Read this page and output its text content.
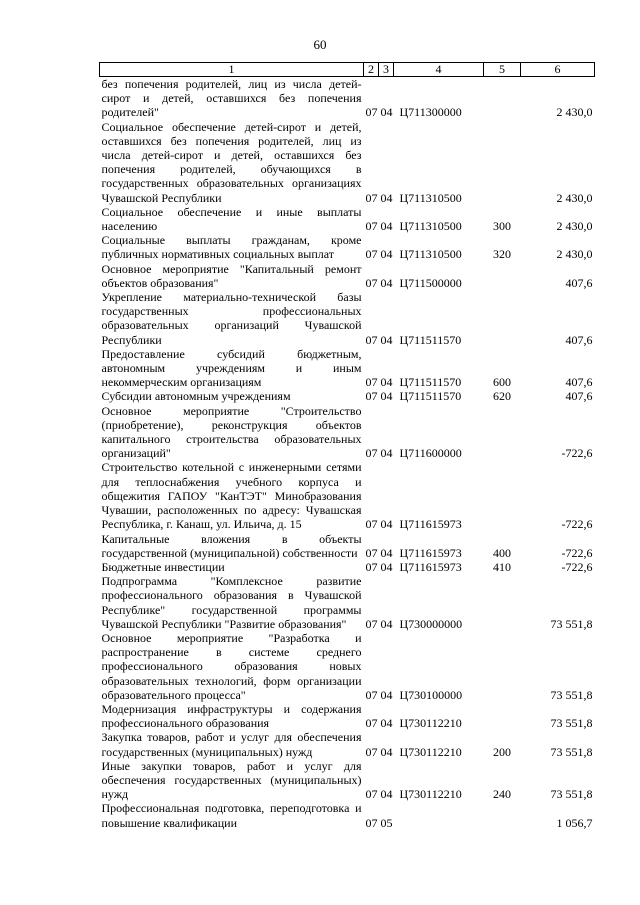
60
1	2	3	4	5	6
без попечения родителей, лиц из числа детей-сирот и детей, оставшихся без попечения родителей"	07	04	Ц711300000		2 430,0
Социальное обеспечение детей-сирот и детей, оставшихся без попечения родителей, лиц из числа детей-сирот и детей, оставшихся без попечения родителей, обучающихся в государственных образовательных организациях Чувашской Республики	07	04	Ц711310500		2 430,0
Социальное обеспечение и иные выплаты населению	07	04	Ц711310500	300	2 430,0
Социальные выплаты гражданам, кроме публичных нормативных социальных выплат	07	04	Ц711310500	320	2 430,0
Основное мероприятие "Капитальный ремонт объектов образования"	07	04	Ц711500000		407,6
Укрепление материально-технической базы государственных профессиональных образовательных организаций Чувашской Республики	07	04	Ц711511570		407,6
Предоставление субсидий бюджетным, автономным учреждениям и иным некоммерческим организациям	07	04	Ц711511570	600	407,6
Субсидии автономным учреждениям	07	04	Ц711511570	620	407,6
Основное мероприятие "Строительство (приобретение), реконструкция объектов капитального строительства образовательных организаций"	07	04	Ц711600000		-722,6
Строительство котельной с инженерными сетями для теплоснабжения учебного корпуса и общежития ГАПОУ "КанТЭТ" Минобразования Чувашии, расположенных по адресу: Чувашская Республика, г. Канаш, ул. Ильича, д. 15	07	04	Ц711615973		-722,6
Капитальные вложения в объекты государственной (муниципальной) собственности	07	04	Ц711615973	400	-722,6
Бюджетные инвестиции	07	04	Ц711615973	410	-722,6
Подпрограмма "Комплексное развитие профессионального образования в Чувашской Республике" государственной программы Чувашской Республики "Развитие образования"	07	04	Ц730000000		73 551,8
Основное мероприятие "Разработка и распространение в системе среднего профессионального образования новых образовательных технологий, форм организации образовательного процесса"	07	04	Ц730100000		73 551,8
Модернизация инфраструктуры и содержания профессионального образования	07	04	Ц730112210		73 551,8
Закупка товаров, работ и услуг для обеспечения государственных (муниципальных) нужд	07	04	Ц730112210	200	73 551,8
Иные закупки товаров, работ и услуг для обеспечения государственных (муниципальных) нужд	07	04	Ц730112210	240	73 551,8
Профессиональная подготовка, переподготовка и повышение квалификации	07	05			1 056,7
